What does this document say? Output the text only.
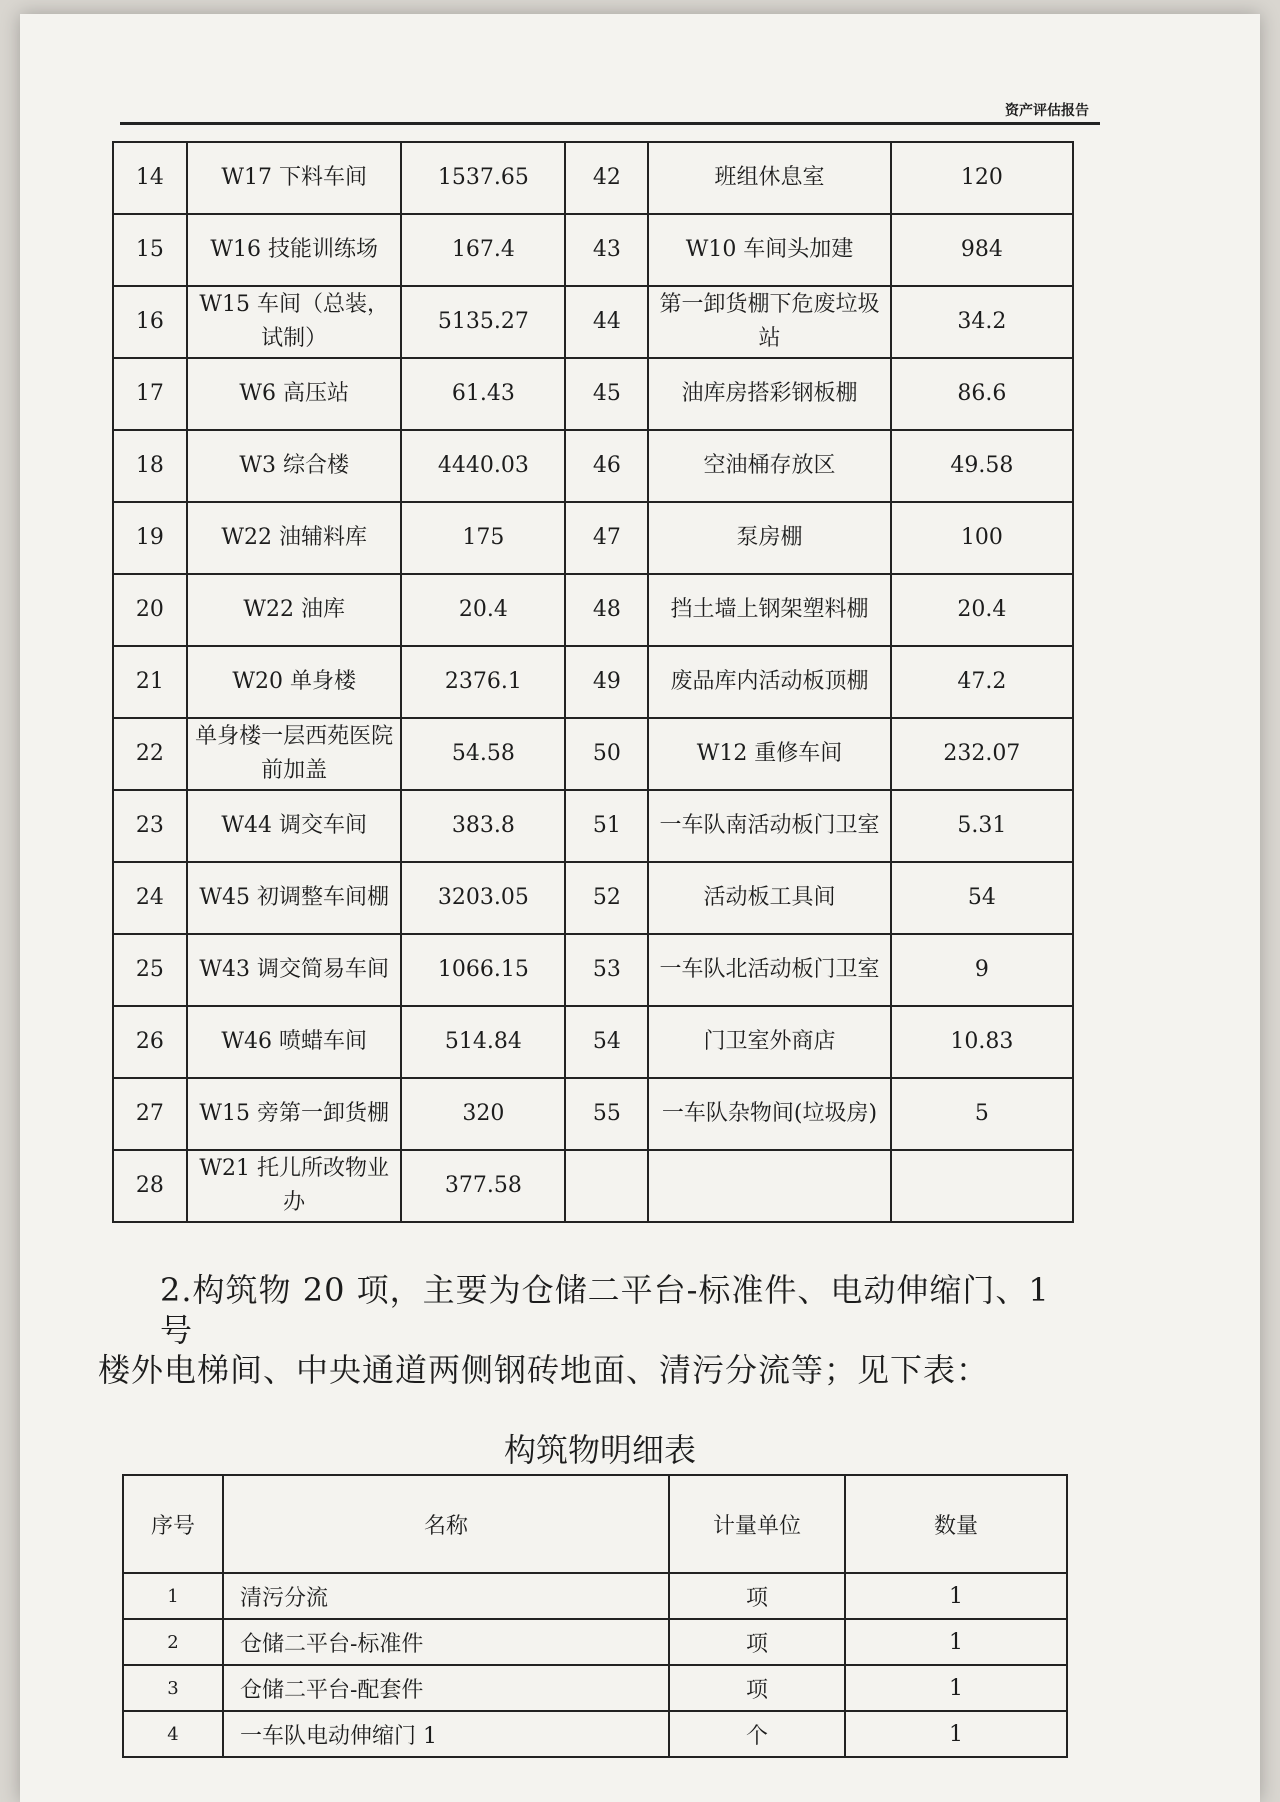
资产评估报告
14	W17 下料车间	1537.65	42	班组休息室	120
15	W16 技能训练场	167.4	43	W10 车间头加建	984
16	W15 车间（总装，试制）	5135.27	44	第一卸货棚下危废垃圾站	34.2
17	W6 高压站	61.43	45	油库房搭彩钢板棚	86.6
18	W3 综合楼	4440.03	46	空油桶存放区	49.58
19	W22 油辅料库	175	47	泵房棚	100
20	W22 油库	20.4	48	挡土墙上钢架塑料棚	20.4
21	W20 单身楼	2376.1	49	废品库内活动板顶棚	47.2
22	单身楼一层西苑医院前加盖	54.58	50	W12 重修车间	232.07
23	W44 调交车间	383.8	51	一车队南活动板门卫室	5.31
24	W45 初调整车间棚	3203.05	52	活动板工具间	54
25	W43 调交简易车间	1066.15	53	一车队北活动板门卫室	9
26	W46 喷蜡车间	514.84	54	门卫室外商店	10.83
27	W15 旁第一卸货棚	320	55	一车队杂物间(垃圾房)	5
28	W21 托儿所改物业办	377.58			
2.构筑物 20 项，主要为仓储二平台-标准件、电动伸缩门、1 号
楼外电梯间、中央通道两侧钢砖地面、清污分流等；见下表：
构筑物明细表
序号	名称	计量单位	数量
1	清污分流	项	1
2	仓储二平台-标准件	项	1
3	仓储二平台-配套件	项	1
4	一车队电动伸缩门 1	个	1
